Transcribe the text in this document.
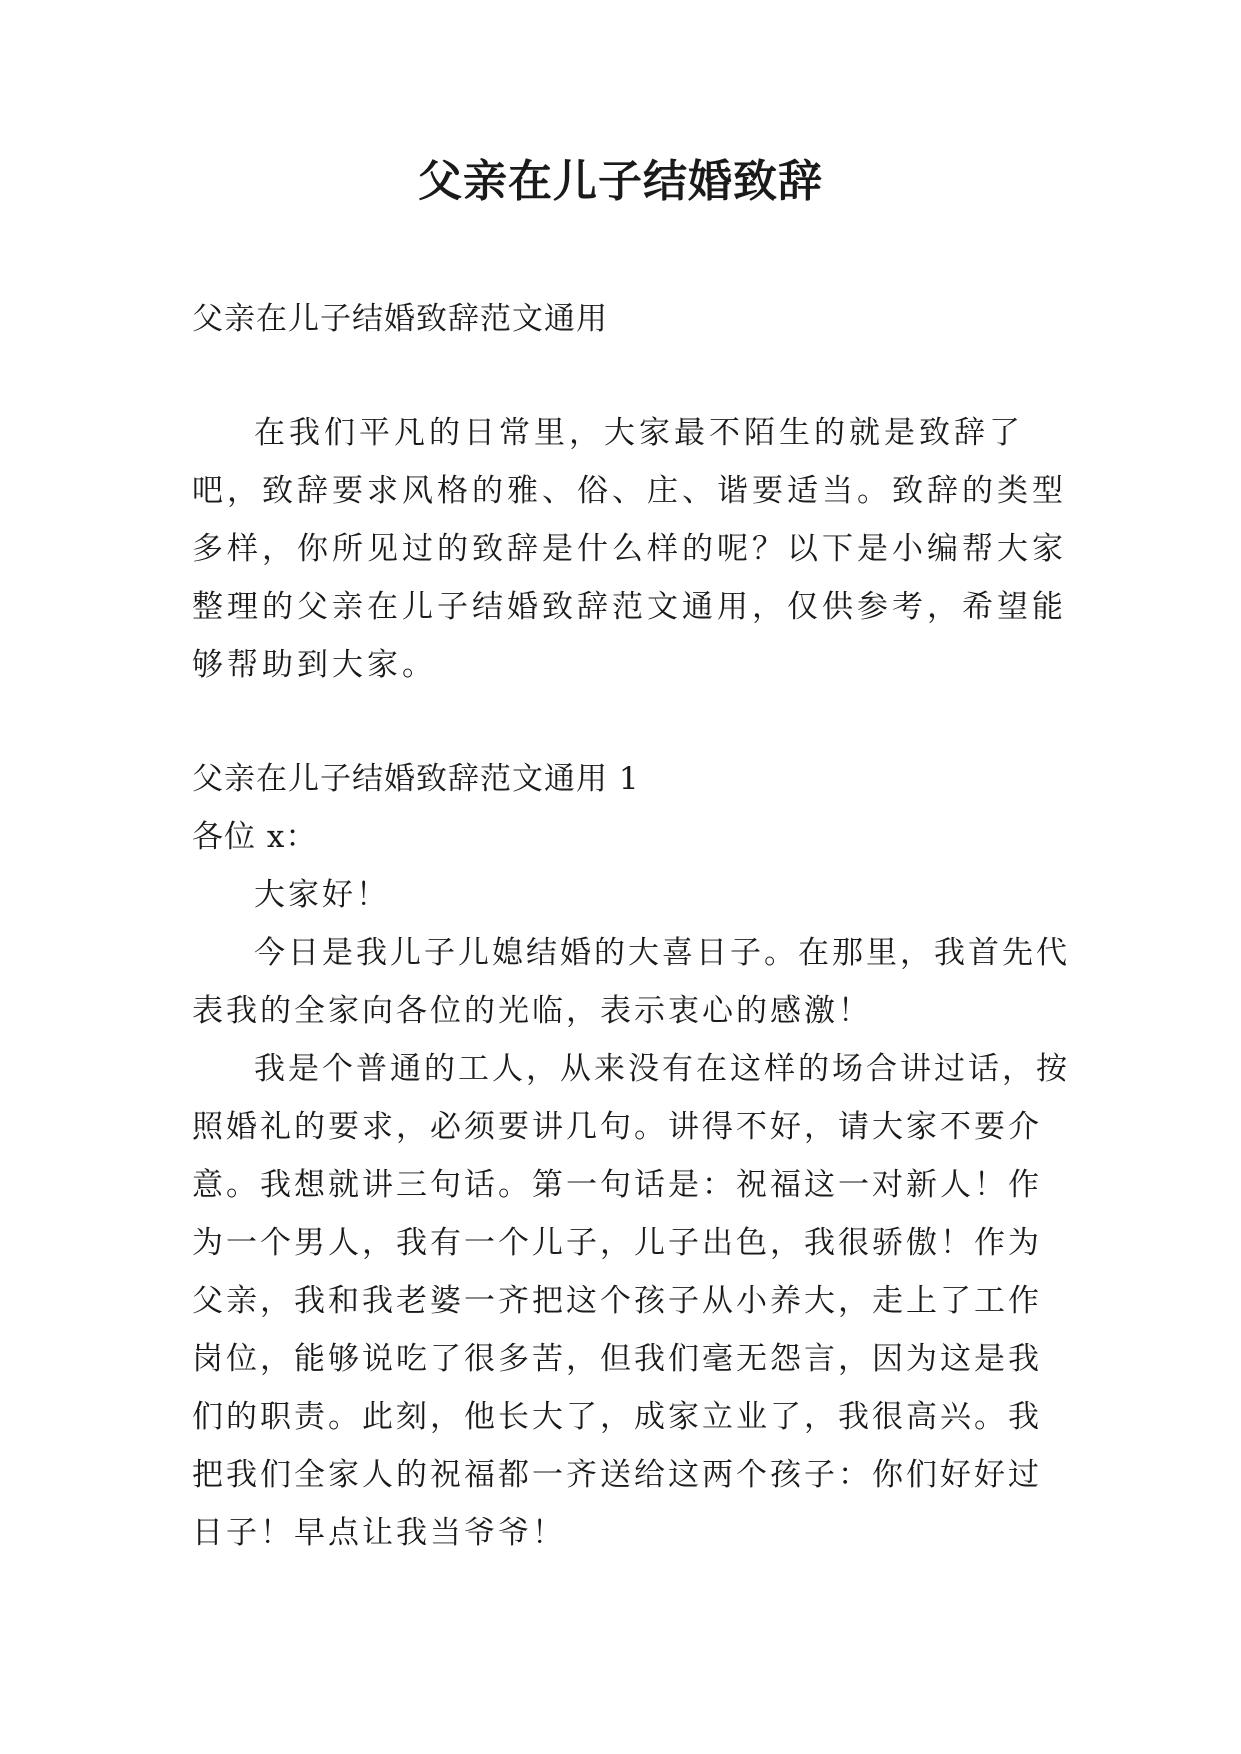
父亲在儿子结婚致辞

父亲在儿子结婚致辞范文通用

在我们平凡的日常里，大家最不陌生的就是致辞了吧，致辞要求风格的雅、俗、庄、谐要适当。致辞的类型多样，你所见过的致辞是什么样的呢？以下是小编帮大家整理的父亲在儿子结婚致辞范文通用，仅供参考，希望能够帮助到大家。

父亲在儿子结婚致辞范文通用 1

各位 x：

大家好！

今日是我儿子儿媳结婚的大喜日子。在那里，我首先代表我的全家向各位的光临，表示衷心的感激！

我是个普通的工人，从来没有在这样的场合讲过话，按照婚礼的要求，必须要讲几句。讲得不好，请大家不要介意。我想就讲三句话。第一句话是：祝福这一对新人！作为一个男人，我有一个儿子，儿子出色，我很骄傲！作为父亲，我和我老婆一齐把这个孩子从小养大，走上了工作岗位，能够说吃了很多苦，但我们毫无怨言，因为这是我们的职责。此刻，他长大了，成家立业了，我很高兴。我把我们全家人的祝福都一齐送给这两个孩子：你们好好过日子！早点让我当爷爷！
